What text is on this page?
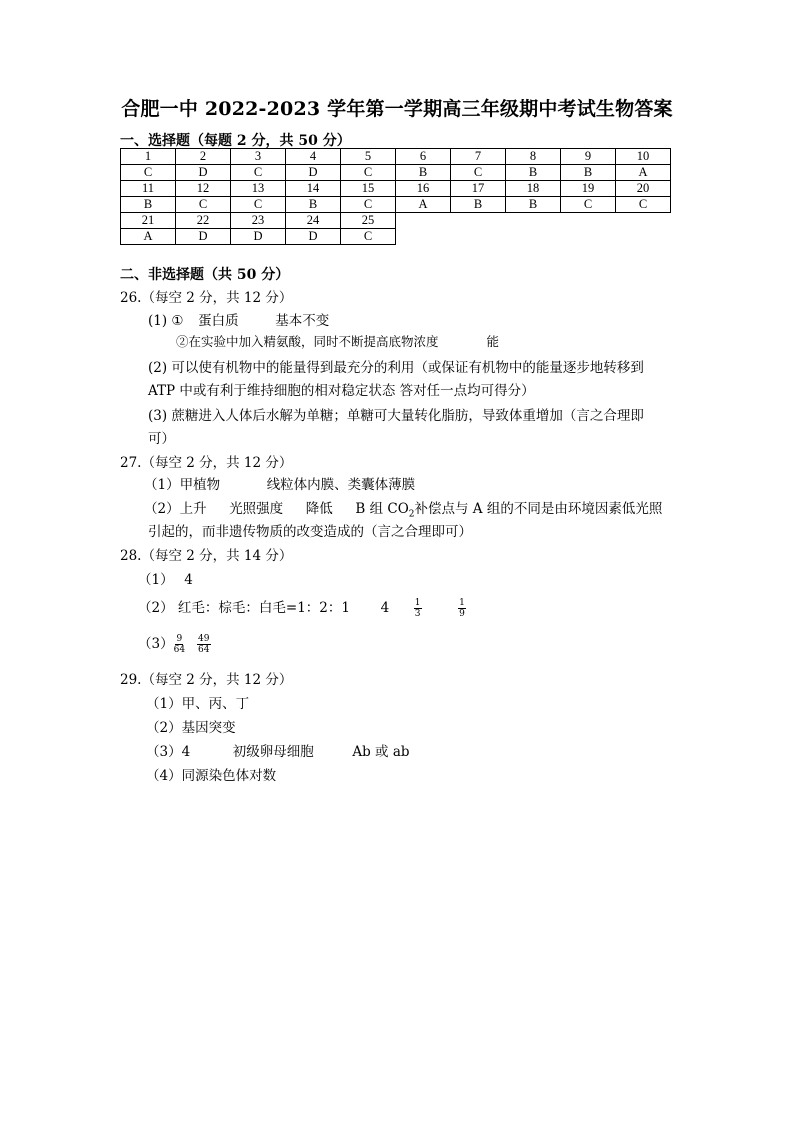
合肥一中 2022-2023 学年第一学期高三年级期中考试生物答案
一、选择题（每题 2 分，共 50 分）
1	2	3	4	5	6	7	8	9	10
C	D	C	D	C	B	C	B	B	A
11	12	13	14	15	16	17	18	19	20
B	C	C	B	C	A	B	B	C	C
21	22	23	24	25					
A	D	D	D	C					
二、非选择题（共 50 分）
26.（每空 2 分，共 12 分）
(1) ① 蛋白质	基本不变
②在实验中加入精氨酸，同时不断提高底物浓度	能
(2) 可以使有机物中的能量得到最充分的利用（或保证有机物中的能量逐步地转移到
ATP 中或有利于维持细胞的相对稳定状态 答对任一点均可得分）
(3) 蔗糖进入人体后水解为单糖；单糖可大量转化脂肪，导致体重增加（言之合理即
可）
27.（每空 2 分，共 12 分）
（1）甲植物	线粒体内膜、类囊体薄膜
（2）上升 光照强度 降低 B 组 $CO_2$补偿点与 A 组的不同是由环境因素低光照
引起的，而非遗传物质的改变造成的（言之合理即可）
28.（每空 2 分，共 14 分）
（1） 4
（2） 红毛：棕毛：白毛=1：2：1 4	$\frac{1}{3}$
	$\frac{1}{9}$
$(3) \frac{9}{64} \frac{49}{64}$
29.（每空 2 分，共 12 分）
（1）甲、丙、丁
（2）基因突变
（3）4	初级卵母细胞	Ab 或 ab
（4）同源染色体对数
